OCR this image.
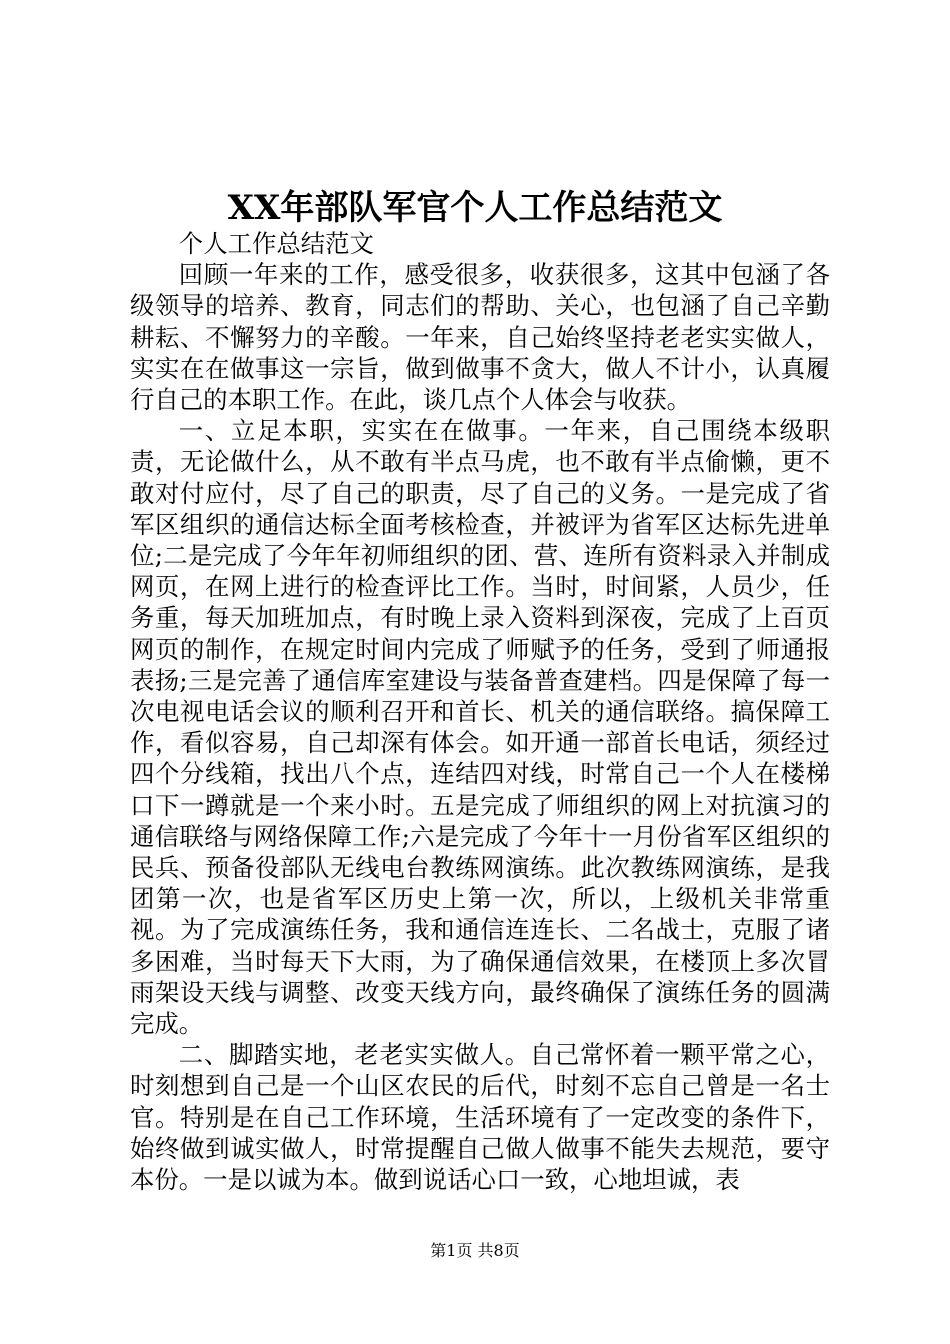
XX年部队军官个人工作总结范文

个人工作总结范文

回顾一年来的工作，感受很多，收获很多，这其中包涵了各级领导的培养、教育，同志们的帮助、关心，也包涵了自己辛勤耕耘、不懈努力的辛酸。一年来，自己始终坚持老老实实做人，实实在在做事这一宗旨，做到做事不贪大，做人不计小，认真履行自己的本职工作。在此，谈几点个人体会与收获。

一、立足本职，实实在在做事。一年来，自己围绕本级职责，无论做什么，从不敢有半点马虎，也不敢有半点偷懒，更不敢对付应付，尽了自己的职责，尽了自己的义务。一是完成了省军区组织的通信达标全面考核检查，并被评为省军区达标先进单位;二是完成了今年年初师组织的团、营、连所有资料录入并制成网页，在网上进行的检查评比工作。当时，时间紧，人员少，任务重，每天加班加点，有时晚上录入资料到深夜，完成了上百页网页的制作，在规定时间内完成了师赋予的任务，受到了师通报表扬;三是完善了通信库室建设与装备普查建档。四是保障了每一次电视电话会议的顺利召开和首长、机关的通信联络。搞保障工作，看似容易，自己却深有体会。如开通一部首长电话，须经过四个分线箱，找出八个点，连结四对线，时常自己一个人在楼梯口下一蹲就是一个来小时。五是完成了师组织的网上对抗演习的通信联络与网络保障工作;六是完成了今年十一月份省军区组织的民兵、预备役部队无线电台教练网演练。此次教练网演练，是我团第一次，也是省军区历史上第一次，所以，上级机关非常重视。为了完成演练任务，我和通信连连长、二名战士，克服了诸多困难，当时每天下大雨，为了确保通信效果，在楼顶上多次冒雨架设天线与调整、改变天线方向，最终确保了演练任务的圆满完成。

二、脚踏实地，老老实实做人。自己常怀着一颗平常之心，时刻想到自己是一个山区农民的后代，时刻不忘自己曾是一名士官。特别是在自己工作环境，生活环境有了一定改变的条件下，始终做到诚实做人，时常提醒自己做人做事不能失去规范，要守本份。一是以诚为本。做到说话心口一致，心地坦诚，表

第1页 共8页
